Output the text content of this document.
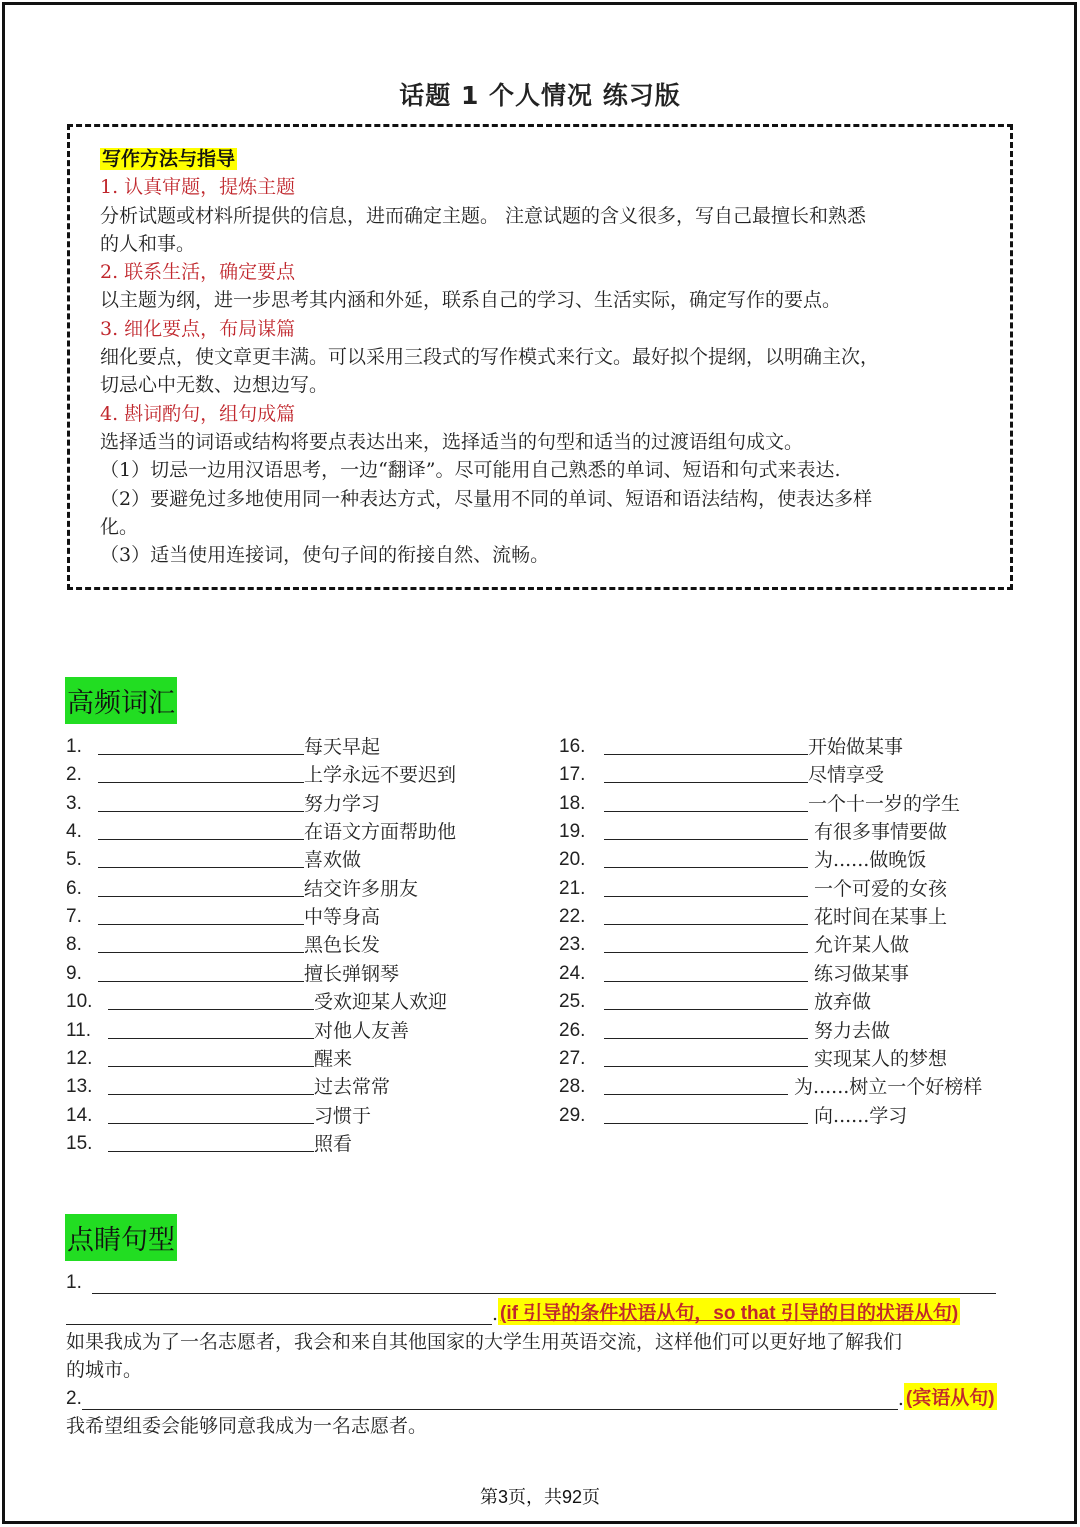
话题 1 个人情况 练习版
写作方法与指导
1. 认真审题，提炼主题
分析试题或材料所提供的信息，进而确定主题。 注意试题的含义很多，写自己最擅长和熟悉
的人和事。
2. 联系生活，确定要点
以主题为纲，进一步思考其内涵和外延，联系自己的学习、生活实际，确定写作的要点。
3. 细化要点，布局谋篇
细化要点，使文章更丰满。可以采用三段式的写作模式来行文。最好拟个提纲，以明确主次，
切忌心中无数、边想边写。
4. 斟词酌句，组句成篇
选择适当的词语或结构将要点表达出来，选择适当的句型和适当的过渡语组句成文。
（1）切忌一边用汉语思考，一边“翻译”。尽可能用自己熟悉的单词、短语和句式来表达.
（2）要避免过多地使用同一种表达方式，尽量用不同的单词、短语和语法结构，使表达多样
化。
（3）适当使用连接词，使句子间的衔接自然、流畅。
高频词汇
1.	每天早起
2.	上学永远不要迟到
3.	努力学习
4.	在语文方面帮助他
5.	喜欢做
6.	结交许多朋友
7.	中等身高
8.	黑色长发
9.	擅长弹钢琴
10.	受欢迎某人欢迎
11.	对他人友善
12.	醒来
13.	过去常常
14.	习惯于
15.	照看
16.	开始做某事
17.	尽情享受
18.	一个十一岁的学生
19.	有很多事情要做
20.	为......做晚饭
21.	一个可爱的女孩
22.	花时间在某事上
23.	允许某人做
24.	练习做某事
25.	放弃做
26.	努力去做
27.	实现某人的梦想
28.	为......树立一个好榜样
29.	向......学习
点睛句型
1.
. (if 引导的条件状语从句，so that 引导的目的状语从句)
如果我成为了一名志愿者，我会和来自其他国家的大学生用英语交流，这样他们可以更好地了解我们
的城市。
2.	. (宾语从句)
我希望组委会能够同意我成为一名志愿者。
第3页，共92页
